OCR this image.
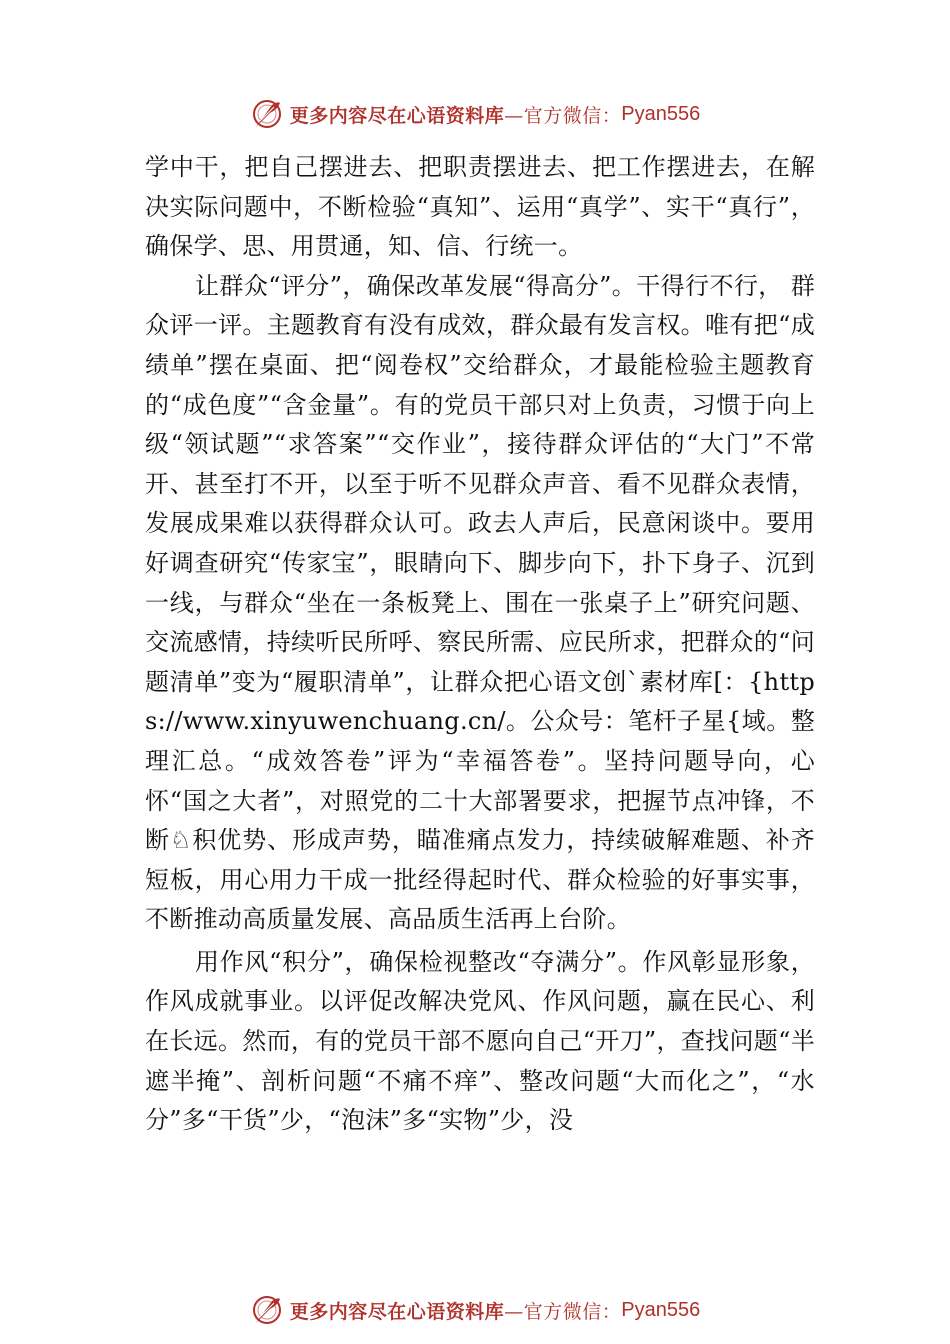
更多内容尽在心语资料库 —官方微信： Pyan556

学中干，把自己摆进去、把职责摆进去、把工作摆进去，在解决实际问题中，不断检验“真知”、运用“真学”、实干“真行”，确保学、思、用贯通，知、信、行统一。

让群众“评分”，确保改革发展“得高分”。干得行不行， 群众评一评。主题教育有没有成效，群众最有发言权。唯有把“成绩单”摆在桌面、把“阅卷权”交给群众，才最能检验主题教育的“成色度”“含金量”。有的党员干部只对上负责，习惯于向上级“领试题”“求答案”“交作业”，接待群众评估的“大门”不常开、甚至打不开，以至于听不见群众声音、看不见群众表情，发展成果难以获得群众认可。政去人声后，民意闲谈中。要用好调查研究“传家宝”，眼睛向下、脚步向下，扑下身子、沉到一线，与群众“坐在一条板凳上、围在一张桌子上”研究问题、交流感情，持续听民所呼、察民所需、应民所求，把群众的“问题清单”变为“履职清单”，让群众把心语文创`素材库[：{https://www.xinyuwenchuang.cn/。公众号：笔杆子星{域。整理汇总。“成效答卷”评为“幸福答卷”。坚持问题导向，心怀“国之大者”，对照党的二十大部署要求，把握节点冲锋，不断♘积优势、形成声势，瞄准痛点发力，持续破解难题、补齐短板，用心用力干成一批经得起时代、群众检验的好事实事，不断推动高质量发展、高品质生活再上台阶。

用作风“积分”，确保检视整改“夺满分”。作风彰显形象，作风成就事业。以评促改解决党风、作风问题，赢在民心、利在长远。然而，有的党员干部不愿向自己“开刀”，查找问题“半遮半掩”、剖析问题“不痛不痒”、整改问题“大而化之”，“水分”多“干货”少，“泡沫”多“实物”少，没

更多内容尽在心语资料库 —官方微信： Pyan556
